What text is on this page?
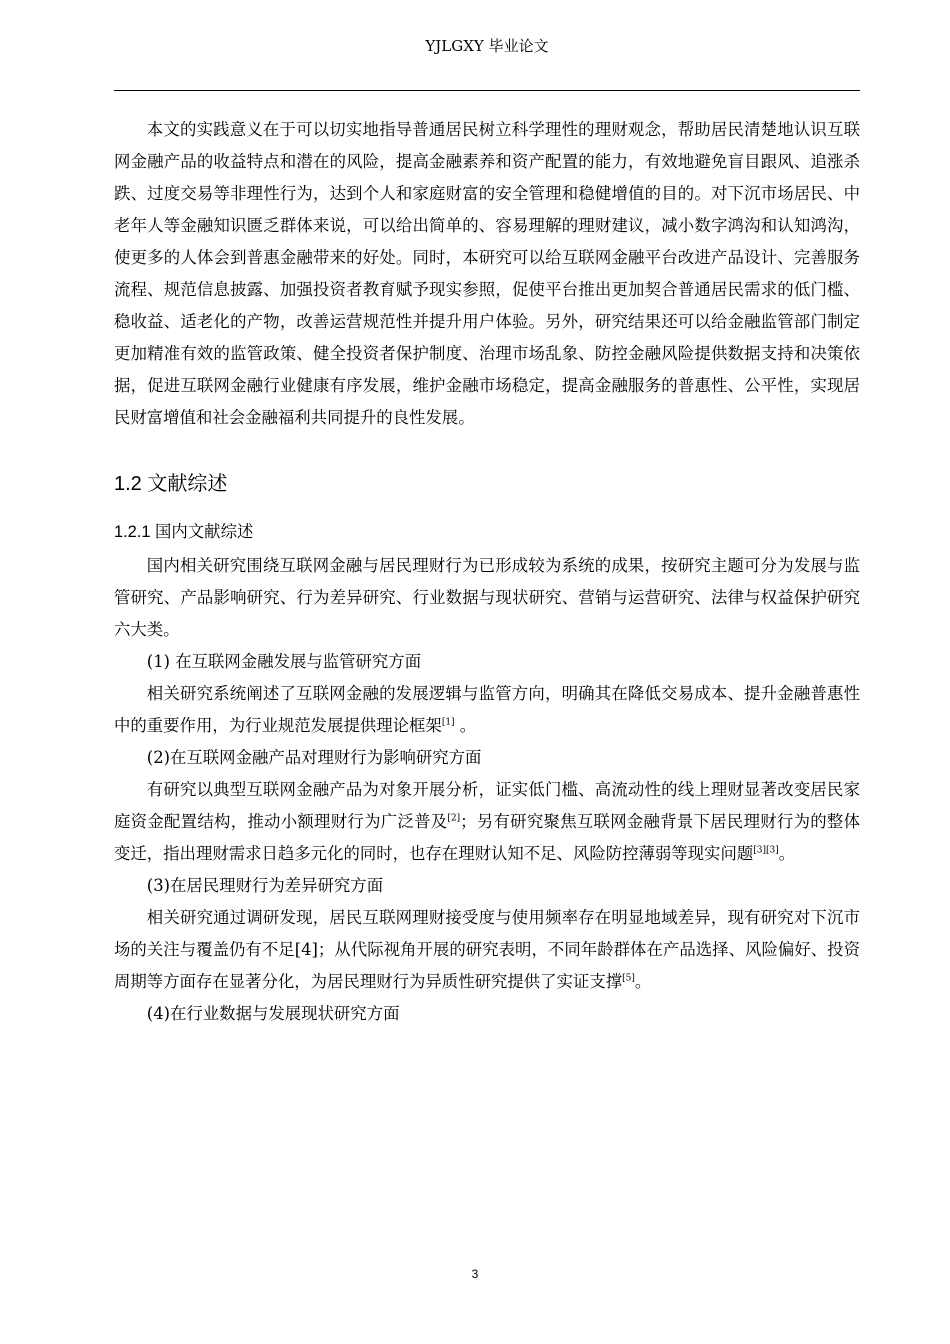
YJLGXY 毕业论文

本文的实践意义在于可以切实地指导普通居民树立科学理性的理财观念，帮助居民清楚地认识互联网金融产品的收益特点和潜在的风险，提高金融素养和资产配置的能力，有效地避免盲目跟风、追涨杀跌、过度交易等非理性行为，达到个人和家庭财富的安全管理和稳健增值的目的。对下沉市场居民、中老年人等金融知识匮乏群体来说，可以给出简单的、容易理解的理财建议，减小数字鸿沟和认知鸿沟，使更多的人体会到普惠金融带来的好处。同时，本研究可以给互联网金融平台改进产品设计、完善服务流程、规范信息披露、加强投资者教育赋予现实参照，促使平台推出更加契合普通居民需求的低门槛、稳收益、适老化的产物，改善运营规范性并提升用户体验。另外，研究结果还可以给金融监管部门制定更加精准有效的监管政策、健全投资者保护制度、治理市场乱象、防控金融风险提供数据支持和决策依据，促进互联网金融行业健康有序发展，维护金融市场稳定，提高金融服务的普惠性、公平性，实现居民财富增值和社会金融福利共同提升的良性发展。

1.2 文献综述
1.2.1 国内文献综述

国内相关研究围绕互联网金融与居民理财行为已形成较为系统的成果，按研究主题可分为发展与监管研究、产品影响研究、行为差异研究、行业数据与现状研究、营销与运营研究、法律与权益保护研究六大类。

(1) 在互联网金融发展与监管研究方面

相关研究系统阐述了互联网金融的发展逻辑与监管方向，明确其在降低交易成本、提升金融普惠性中的重要作用，为行业规范发展提供理论框架[1] 。

(2)在互联网金融产品对理财行为影响研究方面

有研究以典型互联网金融产品为对象开展分析，证实低门槛、高流动性的线上理财显著改变居民家庭资金配置结构，推动小额理财行为广泛普及[2]；另有研究聚焦互联网金融背景下居民理财行为的整体变迁，指出理财需求日趋多元化的同时，也存在理财认知不足、风险防控薄弱等现实问题[3][3]。

(3)在居民理财行为差异研究方面

相关研究通过调研发现，居民互联网理财接受度与使用频率存在明显地域差异，现有研究对下沉市场的关注与覆盖仍有不足[4]；从代际视角开展的研究表明，不同年龄群体在产品选择、风险偏好、投资周期等方面存在显著分化，为居民理财行为异质性研究提供了实证支撑[5]。

(4)在行业数据与发展现状研究方面

3
